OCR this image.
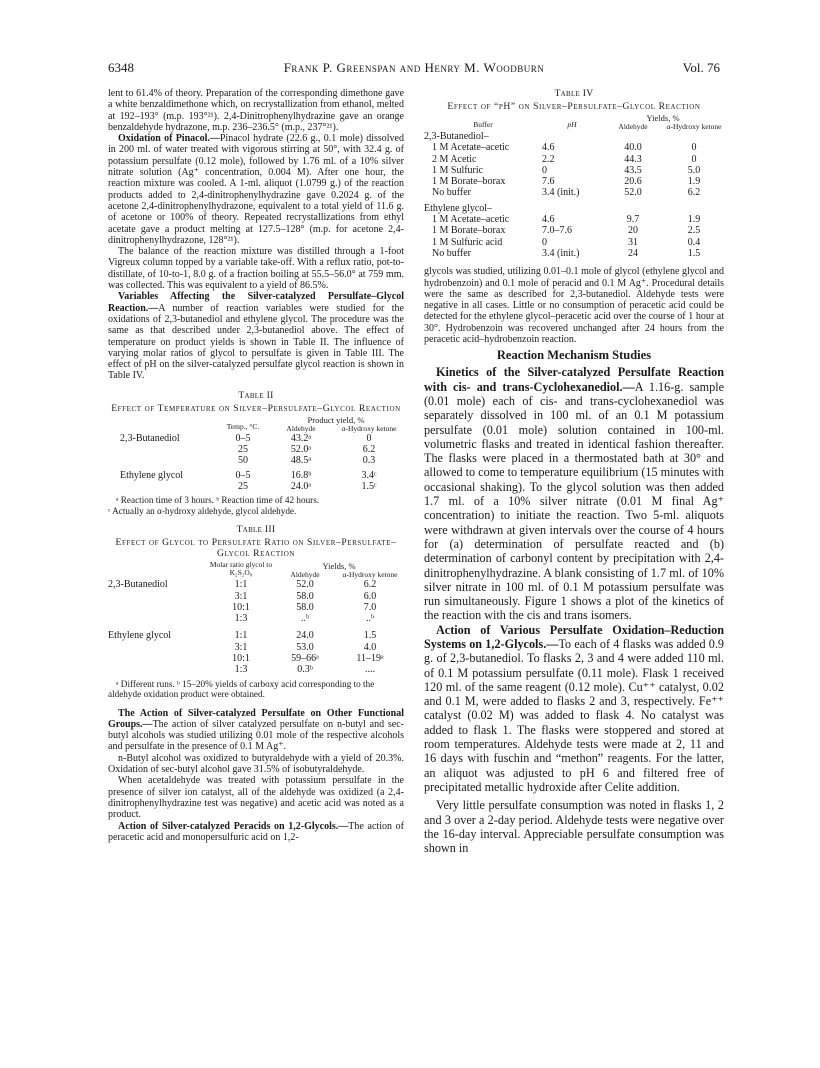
6348	Frank P. Greenspan and Henry M. Woodburn	Vol. 76

lent to 61.4% of theory. Preparation of the corresponding dimethone gave a white benzaldimethone which, on recrystallization from ethanol, melted at 192–193° (m.p. 193°²¹). 2,4-Dinitrophenylhydrazine gave an orange benzaldehyde hydrazone, m.p. 236–236.5° (m.p., 237°²¹).

Oxidation of Pinacol.—Pinacol hydrate (22.6 g., 0.1 mole) dissolved in 200 ml. of water treated with vigorous stirring at 50°, with 32.4 g. of potassium persulfate (0.12 mole), followed by 1.76 ml. of a 10% silver nitrate solution (Ag⁺ concentration, 0.004 M). After one hour, the reaction mixture was cooled. A 1-ml. aliquot (1.0799 g.) of the reaction products added to 2,4-dinitrophenylhydrazine gave 0.2024 g. of the acetone 2,4-dinitrophenylhydrazone, equivalent to a total yield of 11.6 g. of acetone or 100% of theory. Repeated recrystallizations from ethyl acetate gave a product melting at 127.5–128° (m.p. for acetone 2,4-dinitrophenylhydrazone, 128°²¹).

The balance of the reaction mixture was distilled through a 1-foot Vigreux column topped by a variable take-off. With a reflux ratio, pot-to-distillate, of 10-to-1, 8.0 g. of a fraction boiling at 55.5–56.0° at 759 mm. was collected. This was equivalent to a yield of 86.5%.

Variables Affecting the Silver-catalyzed Persulfate–Glycol Reaction.—A number of reaction variables were studied for the oxidations of 2,3-butanediol and ethylene glycol. The procedure was the same as that described under 2,3-butanediol above. The effect of temperature on product yields is shown in Table II. The influence of varying molar ratios of glycol to persulfate is given in Table III. The effect of pH on the silver-catalyzed persulfate glycol reaction is shown in Table IV.

Table II
Effect of Temperature on Silver–Persulfate–Glycol Reaction
	Temp., °C.	Product yield, %
Aldehyde α-Hydroxy ketone	

2,3-Butanediol	0–5	43.2ᵃ	0
	25	52.0ᵃ	6.2
	50	48.5ᵃ	0.3
Ethylene glycol	0–5	16.8ᵇ	3.4ᶜ
	25	24.0ᵃ	1.5ᶜ

ᵃ Reaction time of 3 hours. ᵇ Reaction time of 42 hours.

ᶜ Actually an α-hydroxy aldehyde, glycol aldehyde.

Table III
Effect of Glycol to Persulfate Ratio on Silver–Persulfate–Glycol Reaction
	Molar ratio glycol to K₂S₂O₈	Yields, %
Aldehyde α-Hydroxy ketone	

2,3-Butanediol	1:1	52.0	6.2
	3:1	58.0	6.0
	10:1	58.0	7.0
	1:3	..ᵇ	..ᵇ
Ethylene glycol	1:1	24.0	1.5
	3:1	53.0	4.0
	10:1	59–66ᵃ	11–19ᵃ
	1:3	0.3ᵇ	....

ᵃ Different runs. ᵇ 15–20% yields of carboxy acid corresponding to the aldehyde oxidation product were obtained.

The Action of Silver-catalyzed Persulfate on Other Functional Groups.—The action of silver catalyzed persulfate on n-butyl and sec-butyl alcohols was studied utilizing 0.01 mole of the respective alcohols and persulfate in the presence of 0.1 M Ag⁺.

n-Butyl alcohol was oxidized to butyraldehyde with a yield of 20.3%. Oxidation of sec-butyl alcohol gave 31.5% of isobutyraldehyde.

When acetaldehyde was treated with potassium persulfate in the presence of silver ion catalyst, all of the aldehyde was oxidized (a 2,4-dinitrophenylhydrazine test was negative) and acetic acid was noted as a product.

Action of Silver-catalyzed Peracids on 1,2-Glycols.—The action of peracetic acid and monopersulfuric acid on 1,2-

Table IV
Effect of “pH” on Silver–Persulfate–Glycol Reaction
Buffer	pH	Yields, %
Aldehyde α-Hydroxy ketone	

2,3-Butanediol–			
1 M Acetate–acetic	4.6	40.0	0
2 M Acetic	2.2	44.3	0
1 M Sulfuric	0	43.5	5.0
1 M Borate–borax	7.6	20.6	1.9
No buffer	3.4 (init.)	52.0	6.2
Ethylene glycol–			
1 M Acetate–acetic	4.6	9.7	1.9
1 M Borate–borax	7.0–7.6	20	2.5
1 M Sulfuric acid	0	31	0.4
No buffer	3.4 (init.)	24	1.5

glycols was studied, utilizing 0.01–0.1 mole of glycol (ethylene glycol and hydrobenzoin) and 0.1 mole of peracid and 0.1 M Ag⁺. Procedural details were the same as described for 2,3-butanediol. Aldehyde tests were negative in all cases. Little or no consumption of peracetic acid could be detected for the ethylene glycol–peracetic acid over the course of 1 hour at 30°. Hydrobenzoin was recovered unchanged after 24 hours from the peracetic acid–hydrobenzoin reaction.

Reaction Mechanism Studies

Kinetics of the Silver-catalyzed Persulfate Reaction with cis- and trans-Cyclohexanediol.—A 1.16-g. sample (0.01 mole) each of cis- and trans-cyclohexanediol was separately dissolved in 100 ml. of an 0.1 M potassium persulfate (0.01 mole) solution contained in 100-ml. volumetric flasks and treated in identical fashion thereafter. The flasks were placed in a thermostated bath at 30° and allowed to come to temperature equilibrium (15 minutes with occasional shaking). To the glycol solution was then added 1.7 ml. of a 10% silver nitrate (0.01 M final Ag⁺ concentration) to initiate the reaction. Two 5-ml. aliquots were withdrawn at given intervals over the course of 4 hours for (a) determination of persulfate reacted and (b) determination of carbonyl content by precipitation with 2,4-dinitrophenylhydrazine. A blank consisting of 1.7 ml. of 10% silver nitrate in 100 ml. of 0.1 M potassium persulfate was run simultaneously. Figure 1 shows a plot of the kinetics of the reaction with the cis and trans isomers.

Action of Various Persulfate Oxidation–Reduction Systems on 1,2-Glycols.—To each of 4 flasks was added 0.9 g. of 2,3-butanediol. To flasks 2, 3 and 4 were added 110 ml. of 0.1 M potassium persulfate (0.11 mole). Flask 1 received 120 ml. of the same reagent (0.12 mole). Cu⁺⁺ catalyst, 0.02 and 0.1 M, were added to flasks 2 and 3, respectively. Fe⁺⁺ catalyst (0.02 M) was added to flask 4. No catalyst was added to flask 1. The flasks were stoppered and stored at room temperatures. Aldehyde tests were made at 2, 11 and 16 days with fuschin and “methon” reagents. For the latter, an aliquot was adjusted to pH 6 and filtered free of precipitated metallic hydroxide after Celite addition.

Very little persulfate consumption was noted in flasks 1, 2 and 3 over a 2-day period. Aldehyde tests were negative over the 16-day interval. Appreciable persulfate consumption was shown in
